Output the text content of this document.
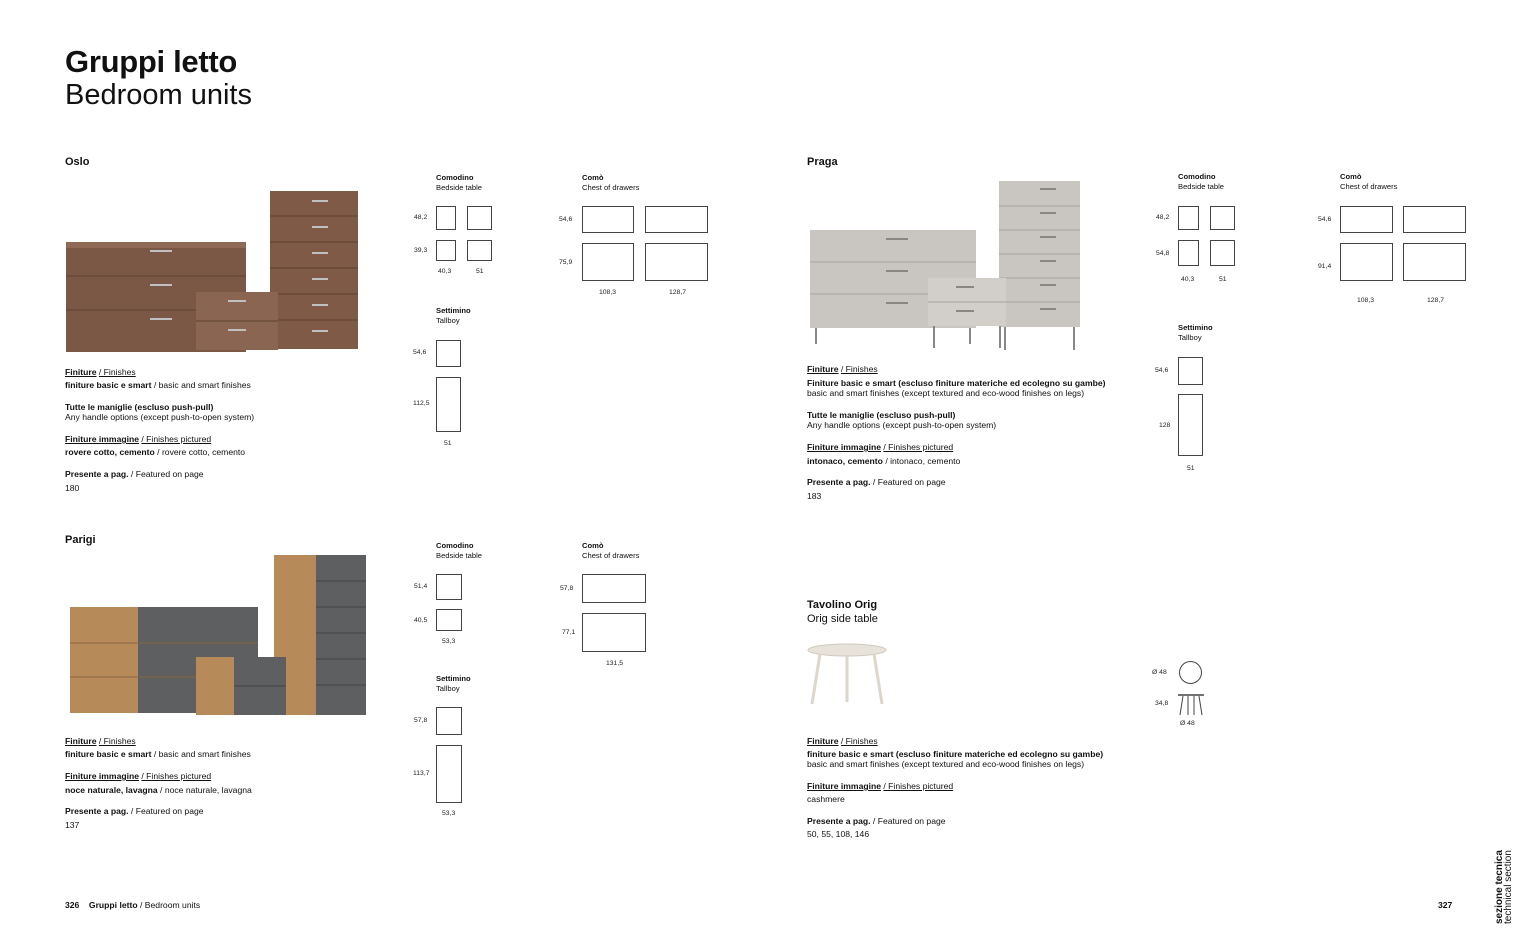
Gruppi letto
Bedroom units
Oslo
Finiture / Finishes
finiture basic e smart / basic and smart finishes
Tutte le maniglie (escluso push-pull)
Any handle options (except push-to-open system)
Finiture immagine / Finishes pictured
rovere cotto, cemento / rovere cotto, cemento
Presente a pag. / Featured on page
180
Comodino
Bedside table
48,2
39,3
40,3	51
Comò
Chest of drawers
54,6
75,9
108,3	128,7
Settimino
Tallboy
54,6
112,5
51
Praga
Finiture / Finishes
Finiture basic e smart (escluso finiture materiche ed ecolegno su gambe)
basic and smart finishes (except textured and eco-wood finishes on legs)
Tutte le maniglie (escluso push-pull)
Any handle options (except push-to-open system)
Finiture immagine / Finishes pictured
intonaco, cemento / intonaco, cemento
Presente a pag. / Featured on page
183
Comodino
Bedside table
48,2
54,8
40,3	51
Comò
Chest of drawers
54,6
91,4
108,3	128,7
Settimino
Tallboy
54,6
128
51
Parigi
Finiture / Finishes
finiture basic e smart / basic and smart finishes
Finiture immagine / Finishes pictured
noce naturale, lavagna / noce naturale, lavagna
Presente a pag. / Featured on page
137
Comodino
Bedside table
51,4
40,5
53,3
Comò
Chest of drawers
57,8
77,1
131,5
Settimino
Tallboy
57,8
113,7
53,3
Tavolino Orig
Orig side table
Finiture / Finishes
finiture basic e smart (escluso finiture materiche ed ecolegno su gambe)
basic and smart finishes (except textured and eco-wood finishes on legs)
Finiture immagine / Finishes pictured
cashmere
Presente a pag. / Featured on page
50, 55, 108, 146
Ø 48
34,8
Ø 48
326 Gruppi letto / Bedroom units	327	sezione tecnica
technical section
